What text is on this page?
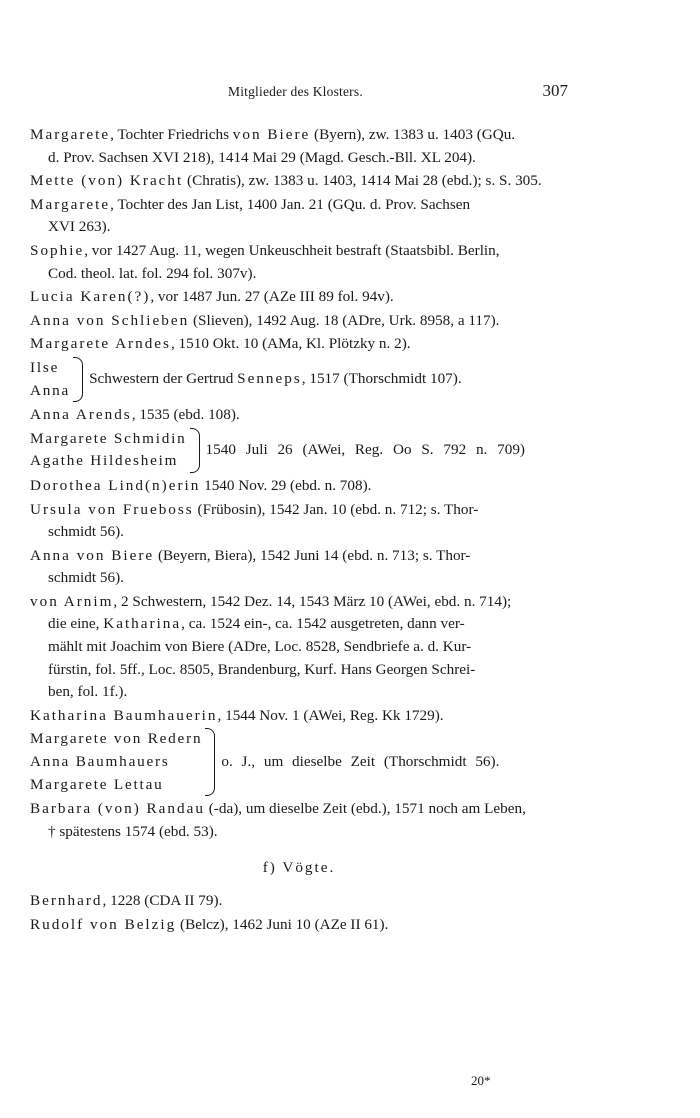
Mitglieder des Klosters.	307
Margarete, Tochter Friedrichs von Biere (Byern), zw. 1383 u. 1403 (GQu.
d. Prov. Sachsen XVI 218), 1414 Mai 29 (Magd. Gesch.-Bll. XL 204).
Mette (von) Kracht (Chratis), zw. 1383 u. 1403, 1414 Mai 28 (ebd.); s. S. 305.
Margarete, Tochter des Jan List, 1400 Jan. 21 (GQu. d. Prov. Sachsen
XVI 263).
Sophie, vor 1427 Aug. 11, wegen Unkeuschheit bestraft (Staatsbibl. Berlin,
Cod. theol. lat. fol. 294 fol. 307v).
Lucia Karen(?), vor 1487 Jun. 27 (AZe III 89 fol. 94v).
Anna von Schlieben (Slieven), 1492 Aug. 18 (ADre, Urk. 8958, a 117).
Margarete Arndes, 1510 Okt. 10 (AMa, Kl. Plötzky n. 2).
Ilse
Anna
Schwestern der Gertrud Senneps, 1517 (Thorschmidt 107).
Anna Arends, 1535 (ebd. 108).
Margarete Schmidin
Agathe Hildesheim
1540 Juli 26 (AWei, Reg. Oo S. 792 n. 709)
Dorothea Lind(n)erin 1540 Nov. 29 (ebd. n. 708).
Ursula von Frueboss (Frübosin), 1542 Jan. 10 (ebd. n. 712; s. Thor-
schmidt 56).
Anna von Biere (Beyern, Biera), 1542 Juni 14 (ebd. n. 713; s. Thor-
schmidt 56).
von Arnim, 2 Schwestern, 1542 Dez. 14, 1543 März 10 (AWei, ebd. n. 714);
die eine, Katharina, ca. 1524 ein-, ca. 1542 ausgetreten, dann ver-
mählt mit Joachim von Biere (ADre, Loc. 8528, Sendbriefe a. d. Kur-
fürstin, fol. 5ff., Loc. 8505, Brandenburg, Kurf. Hans Georgen Schrei-
ben, fol. 1f.).
Katharina Baumhauerin, 1544 Nov. 1 (AWei, Reg. Kk 1729).
Margarete von Redern
Anna Baumhauers
Margarete Lettau
o. J., um dieselbe Zeit (Thorschmidt 56).
Barbara (von) Randau (-da), um dieselbe Zeit (ebd.), 1571 noch am Leben,
† spätestens 1574 (ebd. 53).
f) Vögte.
Bernhard, 1228 (CDA II 79).
Rudolf von Belzig (Belcz), 1462 Juni 10 (AZe II 61).
20*
